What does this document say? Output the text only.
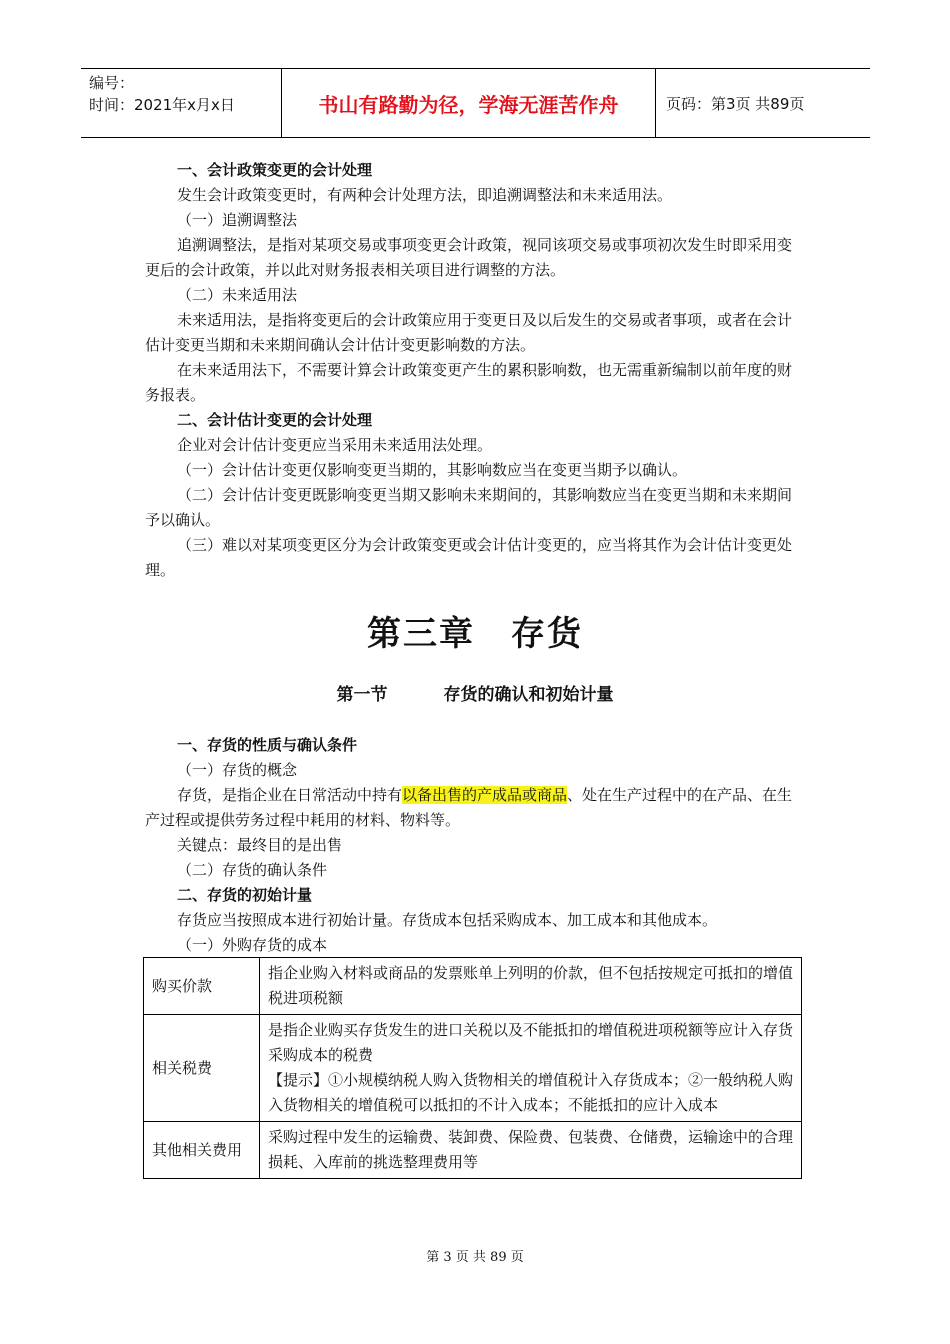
编号：
时间：2021年x月x日	书山有路勤为径，学海无涯苦作舟	页码：第3页 共89页

一、会计政策变更的会计处理

发生会计政策变更时，有两种会计处理方法，即追溯调整法和未来适用法。

（一）追溯调整法

追溯调整法，是指对某项交易或事项变更会计政策，视同该项交易或事项初次发生时即采用变更后的会计政策，并以此对财务报表相关项目进行调整的方法。

（二）未来适用法

未来适用法，是指将变更后的会计政策应用于变更日及以后发生的交易或者事项，或者在会计估计变更当期和未来期间确认会计估计变更影响数的方法。

在未来适用法下，不需要计算会计政策变更产生的累积影响数，也无需重新编制以前年度的财务报表。

二、会计估计变更的会计处理

企业对会计估计变更应当采用未来适用法处理。

（一）会计估计变更仅影响变更当期的，其影响数应当在变更当期予以确认。

（二）会计估计变更既影响变更当期又影响未来期间的，其影响数应当在变更当期和未来期间予以确认。

（三）难以对某项变更区分为会计政策变更或会计估计变更的，应当将其作为会计估计变更处理。

第三章　存货
第一节	存货的确认和初始计量

一、存货的性质与确认条件

（一）存货的概念

存货，是指企业在日常活动中持有以备出售的产成品或商品、处在生产过程中的在产品、在生产过程或提供劳务过程中耗用的材料、物料等。

关键点：最终目的是出售

（二）存货的确认条件

二、存货的初始计量

存货应当按照成本进行初始计量。存货成本包括采购成本、加工成本和其他成本。

（一）外购存货的成本

购买价款	指企业购入材料或商品的发票账单上列明的价款，但不包括按规定可抵扣的增值税进项税额
相关税费	是指企业购买存货发生的进口关税以及不能抵扣的增值税进项税额等应计入存货采购成本的税费
【提示】①小规模纳税人购入货物相关的增值税计入存货成本；②一般纳税人购入货物相关的增值税可以抵扣的不计入成本；不能抵扣的应计入成本

其他相关费用	采购过程中发生的运输费、装卸费、保险费、包装费、仓储费，运输途中的合理损耗、入库前的挑选整理费用等
第 3 页 共 89 页
